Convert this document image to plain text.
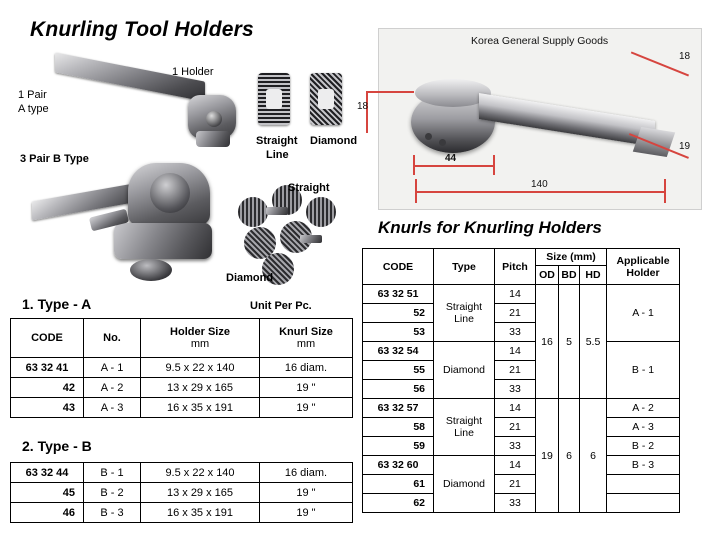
Knurling Tool Holders
1 Holder
1 Pair
A type
3 Pair B Type
Straight
Line
Diamond
Straight
Diamond
Korea General Supply Goods
140
44
18
18
19
Knurls for Knurling Holders
1. Type - A	Unit Per Pc.
CODE	No.	Holder Size
mm

Knurl Size
mm

63 32 41	A - 1	9.5 x 22 x 140	16 diam.
42	A - 2	13 x 29 x 165	19 "
43	A - 3	16 x 35 x 191	19 "
2. Type - B
63 32 44	B - 1	9.5 x 22 x 140	16 diam.
45	B - 2	13 x 29 x 165	19 "
46	B - 3	16 x 35 x 191	19 "
CODE	Type	Pitch	Size (mm)			Applicable
Holder

			OD	BD	HD	
63 32 51	Straight
Line	14	16	5	5.5	A - 1
52		21				
53		33				
63 32 54	Diamond	14				B - 1
55		21				
56		33				
63 32 57	Straight
Line	14	19	6	6	A - 2
58		21				A - 3
59		33				B - 2
63 32 60	Diamond	14				B - 3
61		21				
62		33				
